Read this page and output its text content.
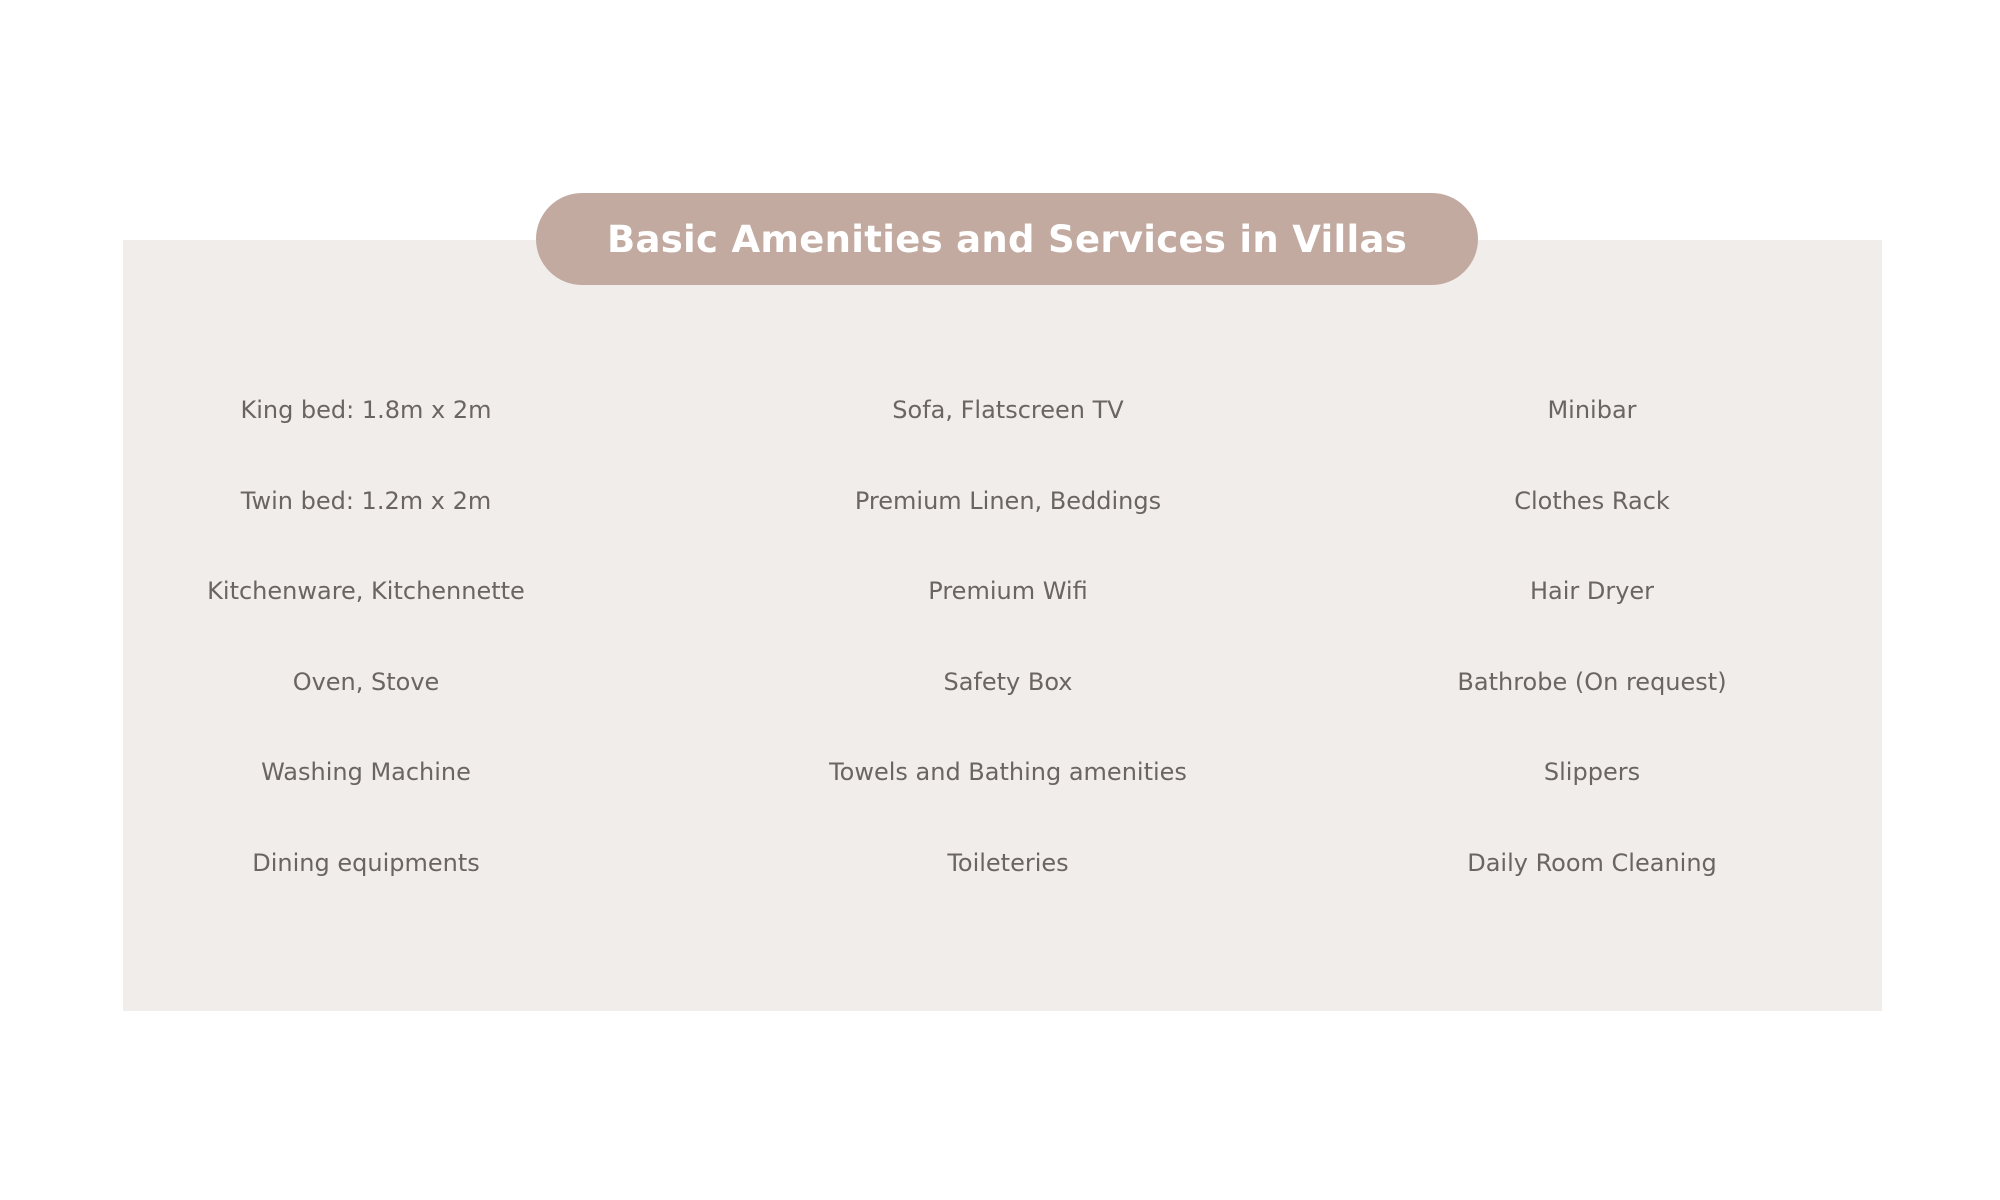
Basic Amenities and Services in Villas
King bed: 1.8m x 2m
Twin bed: 1.2m x 2m
Kitchenware, Kitchennette
Oven, Stove
Washing Machine
Dining equipments
Sofa, Flatscreen TV
Premium Linen, Beddings
Premium Wifi
Safety Box
Towels and Bathing amenities
Toileteries
Minibar
Clothes Rack
Hair Dryer
Bathrobe (On request)
Slippers
Daily Room Cleaning
